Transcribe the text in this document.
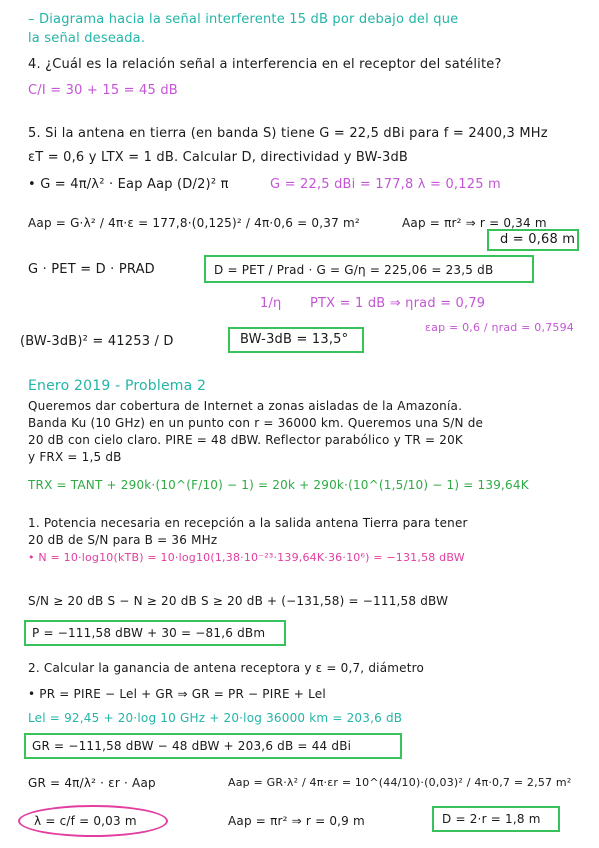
– Diagrama hacia la señal interferente 15 dB por debajo del que
la señal deseada.
4. ¿Cuál es la relación señal a interferencia en el receptor del satélite?
C/I = 30 + 15 = 45 dB
5. Si la antena en tierra (en banda S) tiene G = 22,5 dBi para f = 2400,3 MHz
εT = 0,6 y LTX = 1 dB. Calcular D, directividad y BW-3dB
• G = 4π/λ² · Eap Aap (D/2)² π	G = 22,5 dBi = 177,8 λ = 0,125 m
Aap = G·λ² / 4π·ε = 177,8·(0,125)² / 4π·0,6 = 0,37 m²	Aap = πr² ⇒ r = 0,34 m
d = 0,68 m
G · PET = D · PRAD	D = PET / Prad · G = G/η = 225,06 = 23,5 dB
1/η PTX = 1 dB ⇒ ηrad = 0,79
εap = 0,6 / ηrad = 0,7594
(BW-3dB)² = 41253 / D	BW-3dB = 13,5°
Enero 2019 - Problema 2
Queremos dar cobertura de Internet a zonas aisladas de la Amazonía.
Banda Ku (10 GHz) en un punto con r = 36000 km. Queremos una S/N de
20 dB con cielo claro. PIRE = 48 dBW. Reflector parabólico y TR = 20K
y FRX = 1,5 dB
TRX = TANT + 290k·(10^(F/10) − 1) = 20k + 290k·(10^(1,5/10) − 1) = 139,64K
1. Potencia necesaria en recepción a la salida antena Tierra para tener
20 dB de S/N para B = 36 MHz
• N = 10·log10(kTB) = 10·log10(1,38·10⁻²³·139,64K·36·10⁶) = −131,58 dBW
S/N ≥ 20 dB S − N ≥ 20 dB S ≥ 20 dB + (−131,58) = −111,58 dBW
P = −111,58 dBW + 30 = −81,6 dBm
2. Calcular la ganancia de antena receptora y ε = 0,7, diámetro
• PR = PIRE − Lel + GR ⇒ GR = PR − PIRE + Lel
Lel = 92,45 + 20·log 10 GHz + 20·log 36000 km = 203,6 dB
GR = −111,58 dBW − 48 dBW + 203,6 dB = 44 dBi
GR = 4π/λ² · εr · Aap	Aap = GR·λ² / 4π·εr = 10^(44/10)·(0,03)² / 4π·0,7 = 2,57 m²
λ = c/f = 0,03 m	Aap = πr² ⇒ r = 0,9 m	D = 2·r = 1,8 m
